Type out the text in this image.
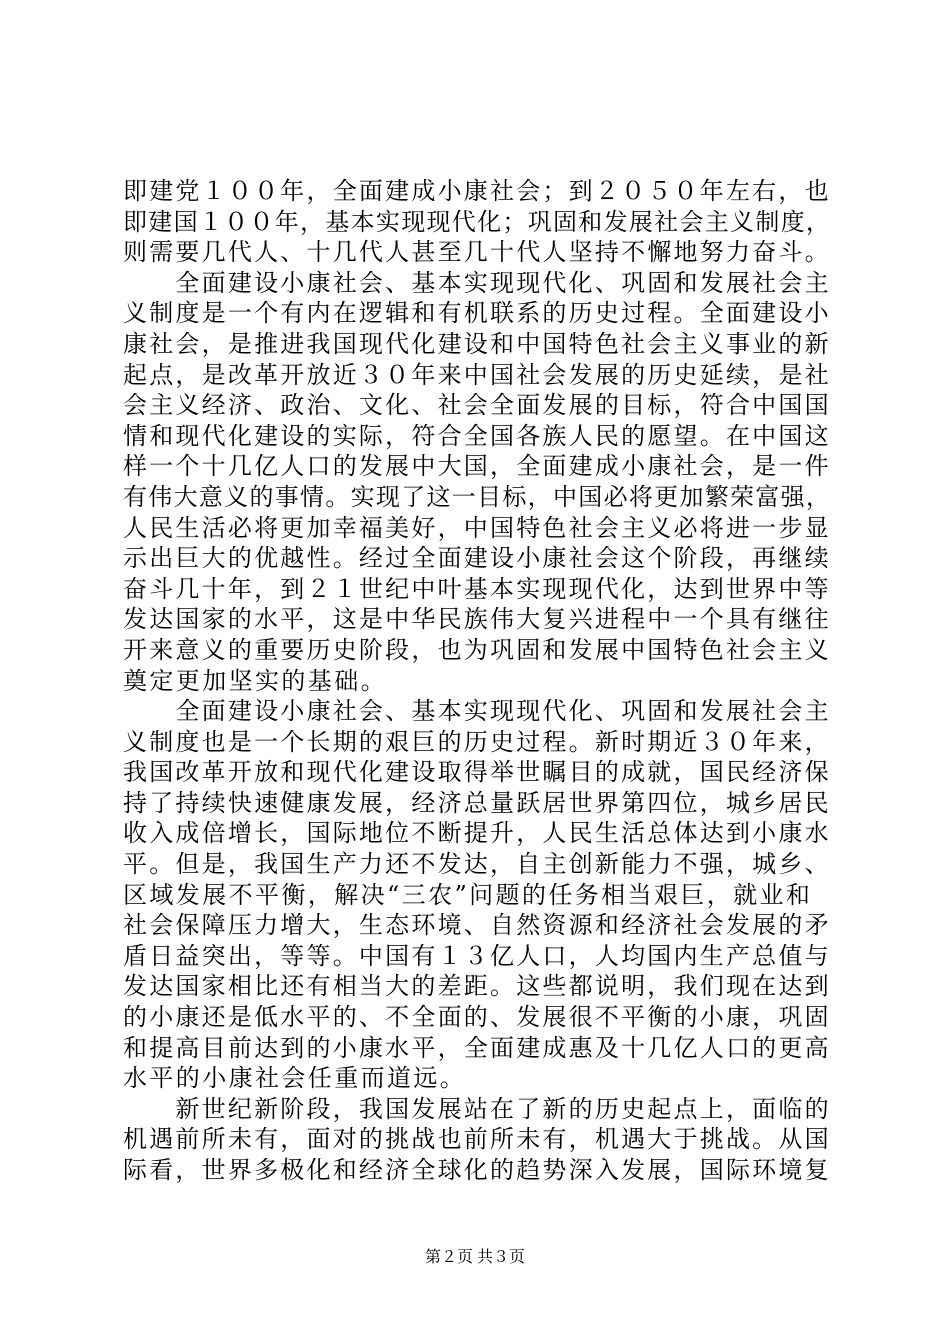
即建党１００年，全面建成小康社会；到２０５０年左右，也
即建国１００年，基本实现现代化；巩固和发展社会主义制度，
则需要几代人、十几代人甚至几十代人坚持不懈地努力奋斗。
　　全面建设小康社会、基本实现现代化、巩固和发展社会主
义制度是一个有内在逻辑和有机联系的历史过程。全面建设小
康社会，是推进我国现代化建设和中国特色社会主义事业的新
起点，是改革开放近３０年来中国社会发展的历史延续，是社
会主义经济、政治、文化、社会全面发展的目标，符合中国国
情和现代化建设的实际，符合全国各族人民的愿望。在中国这
样一个十几亿人口的发展中大国，全面建成小康社会，是一件
有伟大意义的事情。实现了这一目标，中国必将更加繁荣富强，
人民生活必将更加幸福美好，中国特色社会主义必将进一步显
示出巨大的优越性。经过全面建设小康社会这个阶段，再继续
奋斗几十年，到２１世纪中叶基本实现现代化，达到世界中等
发达国家的水平，这是中华民族伟大复兴进程中一个具有继往
开来意义的重要历史阶段，也为巩固和发展中国特色社会主义
奠定更加坚实的基础。
　　全面建设小康社会、基本实现现代化、巩固和发展社会主
义制度也是一个长期的艰巨的历史过程。新时期近３０年来，
我国改革开放和现代化建设取得举世瞩目的成就，国民经济保
持了持续快速健康发展，经济总量跃居世界第四位，城乡居民
收入成倍增长，国际地位不断提升，人民生活总体达到小康水
平。但是，我国生产力还不发达，自主创新能力不强，城乡、
区域发展不平衡，解决“三农”问题的任务相当艰巨，就业和
社会保障压力增大，生态环境、自然资源和经济社会发展的矛
盾日益突出，等等。中国有１３亿人口，人均国内生产总值与
发达国家相比还有相当大的差距。这些都说明，我们现在达到
的小康还是低水平的、不全面的、发展很不平衡的小康，巩固
和提高目前达到的小康水平，全面建成惠及十几亿人口的更高
水平的小康社会任重而道远。
　　新世纪新阶段，我国发展站在了新的历史起点上，面临的
机遇前所未有，面对的挑战也前所未有，机遇大于挑战。从国
际看，世界多极化和经济全球化的趋势深入发展，国际环境复
第２页 共３页
